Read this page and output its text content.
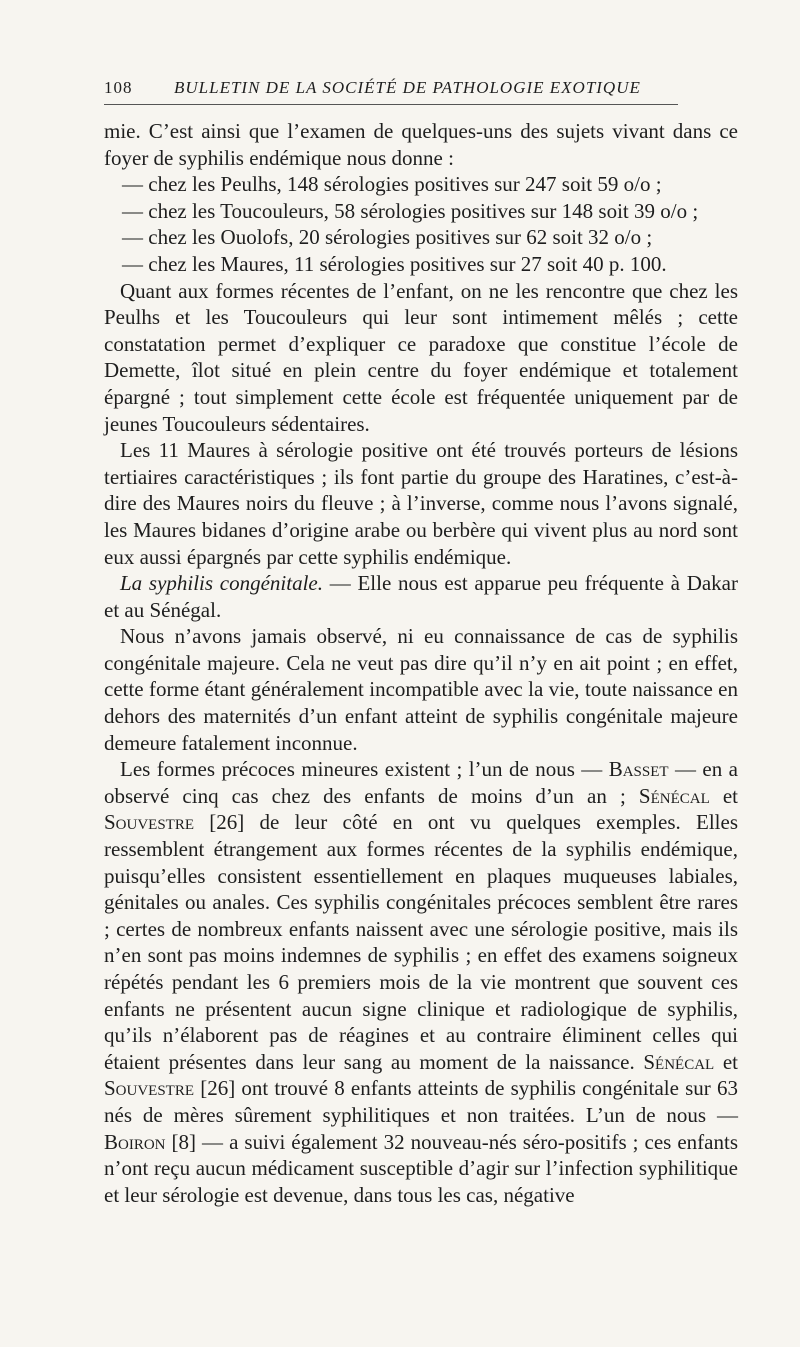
108 BULLETIN DE LA SOCIÉTÉ DE PATHOLOGIE EXOTIQUE

mie. C’est ainsi que l’examen de quelques-uns des sujets vivant dans ce foyer de syphilis endémique nous donne :

— chez les Peulhs, 148 sérologies positives sur 247 soit 59 o/o ;
— chez les Toucouleurs, 58 sérologies positives sur 148 soit 39 o/o ;
— chez les Ouolofs, 20 sérologies positives sur 62 soit 32 o/o ;
— chez les Maures, 11 sérologies positives sur 27 soit 40 p. 100.

Quant aux formes récentes de l’enfant, on ne les rencontre que chez les Peulhs et les Toucouleurs qui leur sont intimement mêlés ; cette constatation permet d’expliquer ce paradoxe que constitue l’école de Demette, îlot situé en plein centre du foyer endémique et totalement épargné ; tout simplement cette école est fréquentée uniquement par de jeunes Toucouleurs sédentaires.

Les 11 Maures à sérologie positive ont été trouvés porteurs de lésions tertiaires caractéristiques ; ils font partie du groupe des Haratines, c’est-à-dire des Maures noirs du fleuve ; à l’inverse, comme nous l’avons signalé, les Maures bidanes d’origine arabe ou berbère qui vivent plus au nord sont eux aussi épargnés par cette syphilis endémique.

La syphilis congénitale. — Elle nous est apparue peu fréquente à Dakar et au Sénégal.

Nous n’avons jamais observé, ni eu connaissance de cas de syphilis congénitale majeure. Cela ne veut pas dire qu’il n’y en ait point ; en effet, cette forme étant généralement incompatible avec la vie, toute naissance en dehors des maternités d’un enfant atteint de syphilis congénitale majeure demeure fatalement inconnue.

Les formes précoces mineures existent ; l’un de nous — Basset — en a observé cinq cas chez des enfants de moins d’un an ; Sénécal et Souvestre [26] de leur côté en ont vu quelques exemples. Elles ressemblent étrangement aux formes récentes de la syphilis endémique, puisqu’elles consistent essentiellement en plaques muqueuses labiales, génitales ou anales. Ces syphilis congénitales précoces semblent être rares ; certes de nombreux enfants naissent avec une sérologie positive, mais ils n’en sont pas moins indemnes de syphilis ; en effet des examens soigneux répétés pendant les 6 premiers mois de la vie montrent que souvent ces enfants ne présentent aucun signe clinique et radiologique de syphilis, qu’ils n’élaborent pas de réagines et au contraire éliminent celles qui étaient présentes dans leur sang au moment de la naissance. Sénécal et Souvestre [26] ont trouvé 8 enfants atteints de syphilis congénitale sur 63 nés de mères sûrement syphilitiques et non traitées. L’un de nous — Boiron [8] — a suivi également 32 nouveau-nés séro-positifs ; ces enfants n’ont reçu aucun médicament susceptible d’agir sur l’infection syphilitique et leur sérologie est devenue, dans tous les cas, négative
